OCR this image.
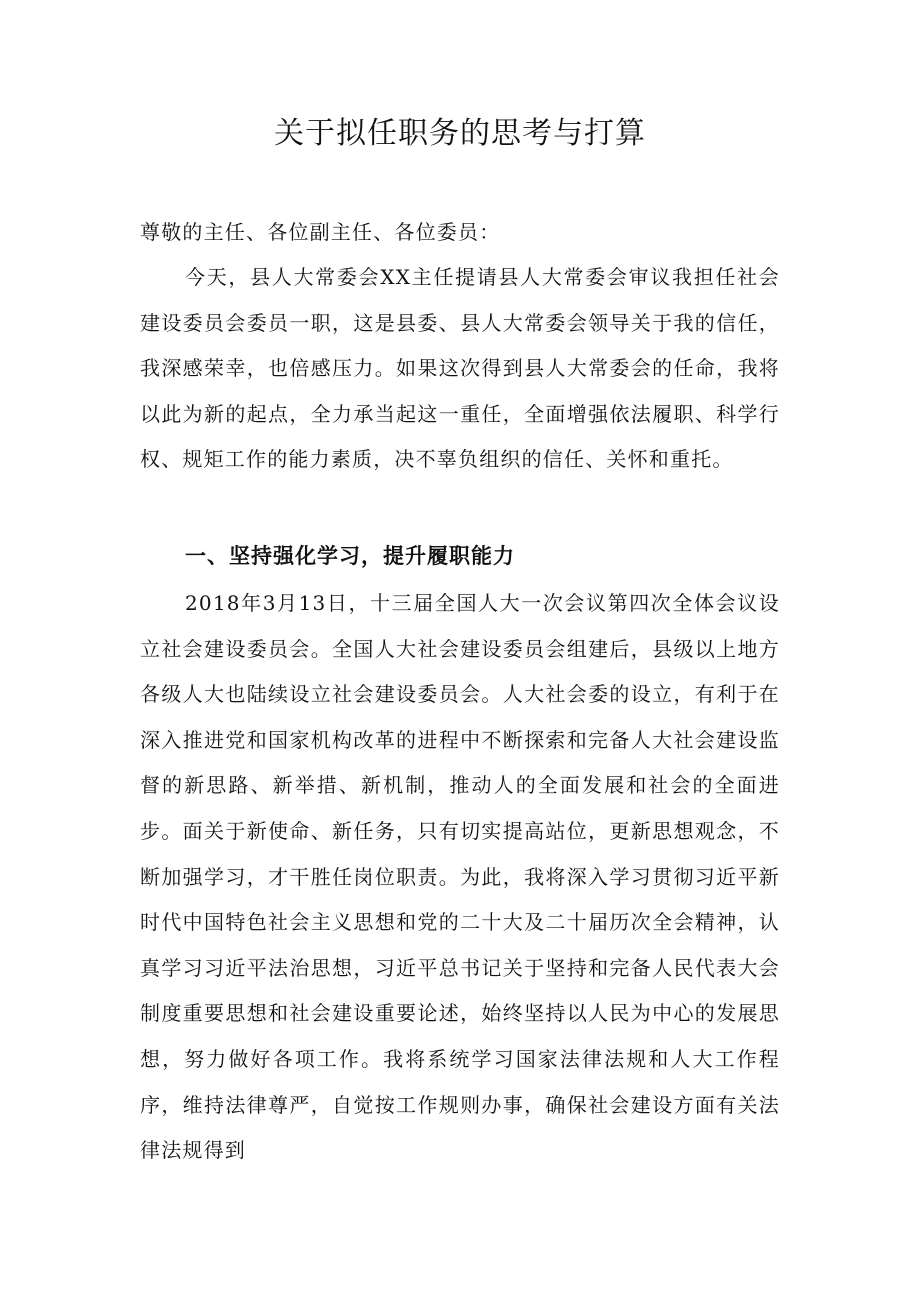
关于拟任职务的思考与打算
尊敬的主任、各位副主任、各位委员：
今天，县人大常委会XX主任提请县人大常委会审议我担任社会建设委员会委员一职，这是县委、县人大常委会领导关于我的信任，我深感荣幸，也倍感压力。如果这次得到县人大常委会的任命，我将以此为新的起点，全力承当起这一重任，全面增强依法履职、科学行权、规矩工作的能力素质，决不辜负组织的信任、关怀和重托。
一、坚持强化学习，提升履职能力
2018年3月13日，十三届全国人大一次会议第四次全体会议设立社会建设委员会。全国人大社会建设委员会组建后，县级以上地方各级人大也陆续设立社会建设委员会。人大社会委的设立，有利于在深入推进党和国家机构改革的进程中不断探索和完备人大社会建设监督的新思路、新举措、新机制，推动人的全面发展和社会的全面进步。面关于新使命、新任务，只有切实提高站位，更新思想观念，不断加强学习，才干胜任岗位职责。为此，我将深入学习贯彻习近平新时代中国特色社会主义思想和党的二十大及二十届历次全会精神，认真学习习近平法治思想，习近平总书记关于坚持和完备人民代表大会制度重要思想和社会建设重要论述，始终坚持以人民为中心的发展思想，努力做好各项工作。我将系统学习国家法律法规和人大工作程序，维持法律尊严，自觉按工作规则办事，确保社会建设方面有关法律法规得到
